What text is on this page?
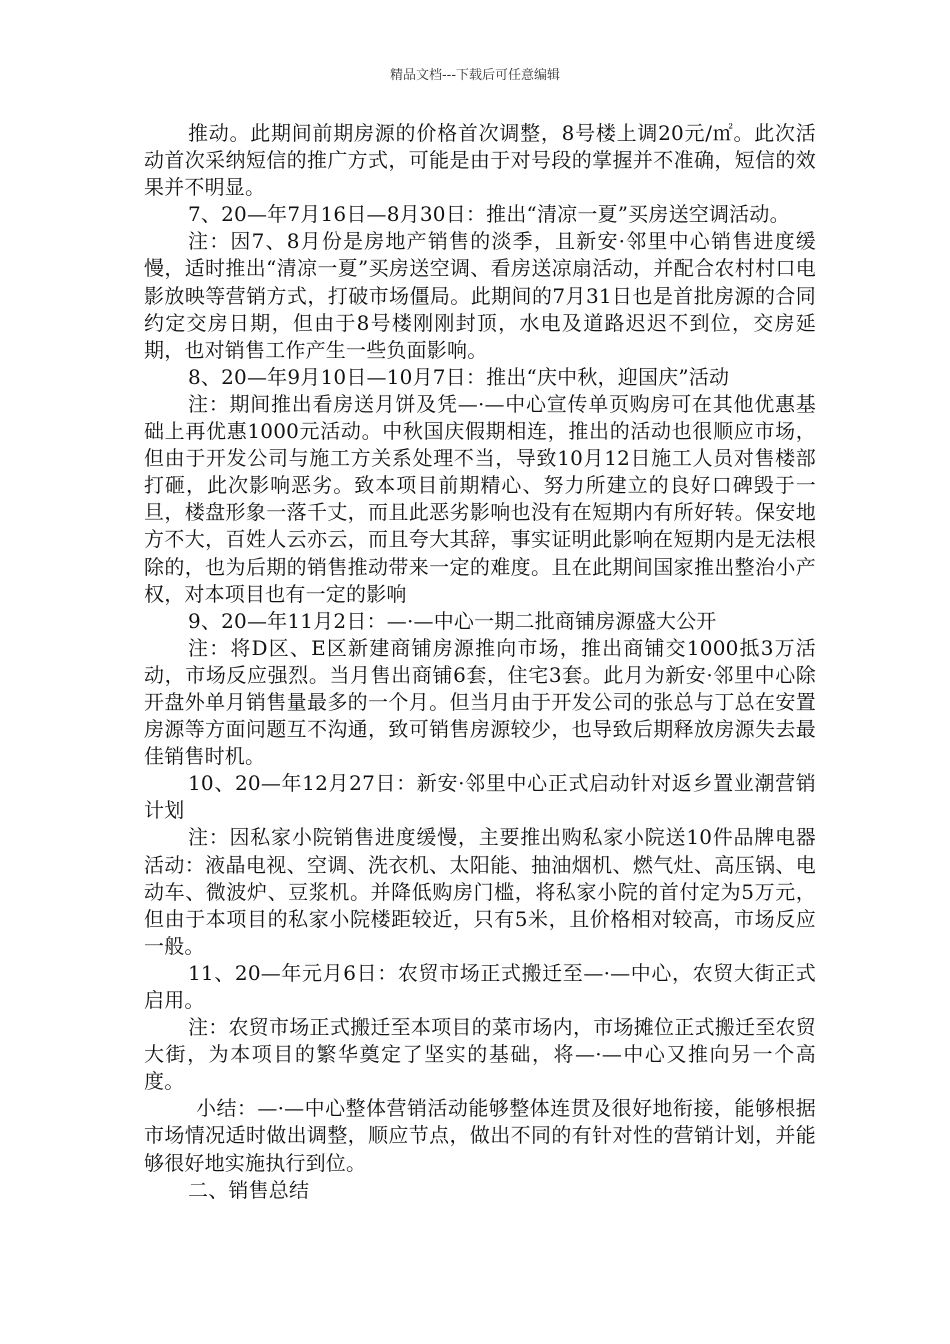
精品文档---下载后可任意编辑

推动。此期间前期房源的价格首次调整，8号楼上调20元/㎡。此次活动首次采纳短信的推广方式，可能是由于对号段的掌握并不准确，短信的效果并不明显。

7、20—年7月16日—8月30日：推出“清凉一夏”买房送空调活动。

注：因7、8月份是房地产销售的淡季，且新安·邻里中心销售进度缓慢，适时推出“清凉一夏”买房送空调、看房送凉扇活动，并配合农村村口电影放映等营销方式，打破市场僵局。此期间的7月31日也是首批房源的合同约定交房日期，但由于8号楼刚刚封顶，水电及道路迟迟不到位，交房延期，也对销售工作产生一些负面影响。

8、20—年9月10日—10月7日：推出“庆中秋，迎国庆”活动

注：期间推出看房送月饼及凭—·—中心宣传单页购房可在其他优惠基础上再优惠1000元活动。中秋国庆假期相连，推出的活动也很顺应市场，但由于开发公司与施工方关系处理不当，导致10月12日施工人员对售楼部打砸，此次影响恶劣。致本项目前期精心、努力所建立的良好口碑毁于一旦，楼盘形象一落千丈，而且此恶劣影响也没有在短期内有所好转。保安地方不大，百姓人云亦云，而且夸大其辞，事实证明此影响在短期内是无法根除的，也为后期的销售推动带来一定的难度。且在此期间国家推出整治小产权，对本项目也有一定的影响

9、20—年11月2日：—·—中心一期二批商铺房源盛大公开

注：将D区、E区新建商铺房源推向市场，推出商铺交1000抵3万活动，市场反应强烈。当月售出商铺6套，住宅3套。此月为新安·邻里中心除开盘外单月销售量最多的一个月。但当月由于开发公司的张总与丁总在安置房源等方面问题互不沟通，致可销售房源较少，也导致后期释放房源失去最佳销售时机。

10、20—年12月27日：新安·邻里中心正式启动针对返乡置业潮营销计划

注：因私家小院销售进度缓慢，主要推出购私家小院送10件品牌电器活动：液晶电视、空调、洗衣机、太阳能、抽油烟机、燃气灶、高压锅、电动车、微波炉、豆浆机。并降低购房门槛，将私家小院的首付定为5万元，但由于本项目的私家小院楼距较近，只有5米，且价格相对较高，市场反应一般。

11、20—年元月6日：农贸市场正式搬迁至—·—中心，农贸大街正式启用。

注：农贸市场正式搬迁至本项目的菜市场内，市场摊位正式搬迁至农贸大街，为本项目的繁华奠定了坚实的基础，将—·—中心又推向另一个高度。

小结：—·—中心整体营销活动能够整体连贯及很好地衔接，能够根据市场情况适时做出调整，顺应节点，做出不同的有针对性的营销计划，并能够很好地实施执行到位。

二、销售总结
